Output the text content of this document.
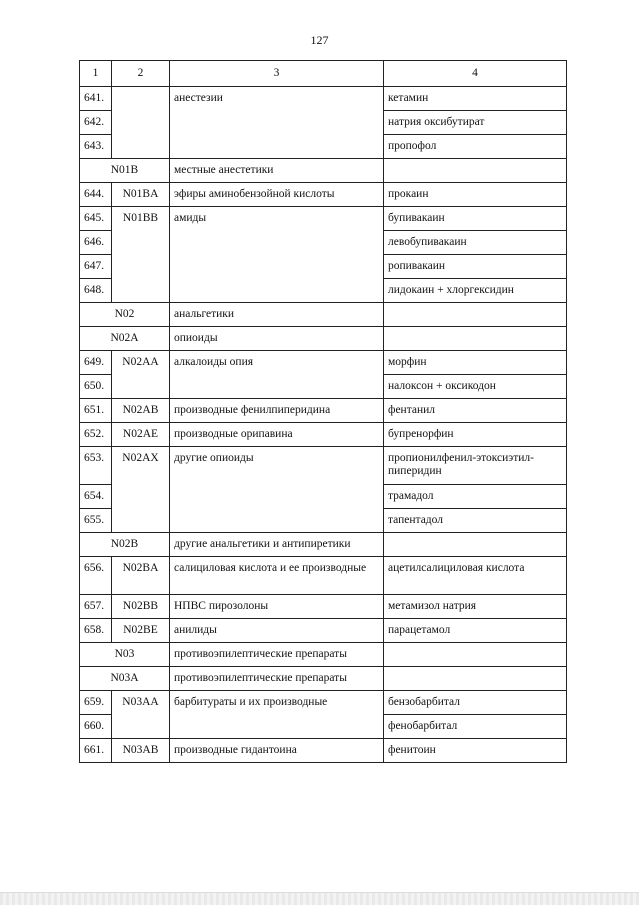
127
1	2	3	4
641.		анестезии	кетамин
642.			натрия оксибутират
643.			пропофол
N01B		местные анестетики	
644.	N01BA	эфиры аминобензойной кислоты	прокаин
645.	N01BB	амиды	бупивакаин
646.			левобупивакаин
647.			ропивакаин
648.			лидокаин + хлоргексидин
N02		анальгетики	
N02A		опиоиды	
649.	N02AA	алкалоиды опия	морфин
650.			налоксон + оксикодон
651.	N02AB	производные фенилпиперидина	фентанил
652.	N02AE	производные орипавина	бупренорфин
653.	N02AX	другие опиоиды	пропионилфенил-этоксиэтил-пиперидин
654.			трамадол
655.			тапентадол
N02B		другие анальгетики и антипиретики	
656.	N02BA	салициловая кислота и ее производные	ацетилсалициловая кислота
657.	N02BB	НПВС пирозолоны	метамизол натрия
658.	N02BE	анилиды	парацетамол
N03		противоэпилептические препараты	
N03A		противоэпилептические препараты	
659.	N03AA	барбитураты и их производные	бензобарбитал
660.			фенобарбитал
661.	N03AB	производные гидантоина	фенитоин
